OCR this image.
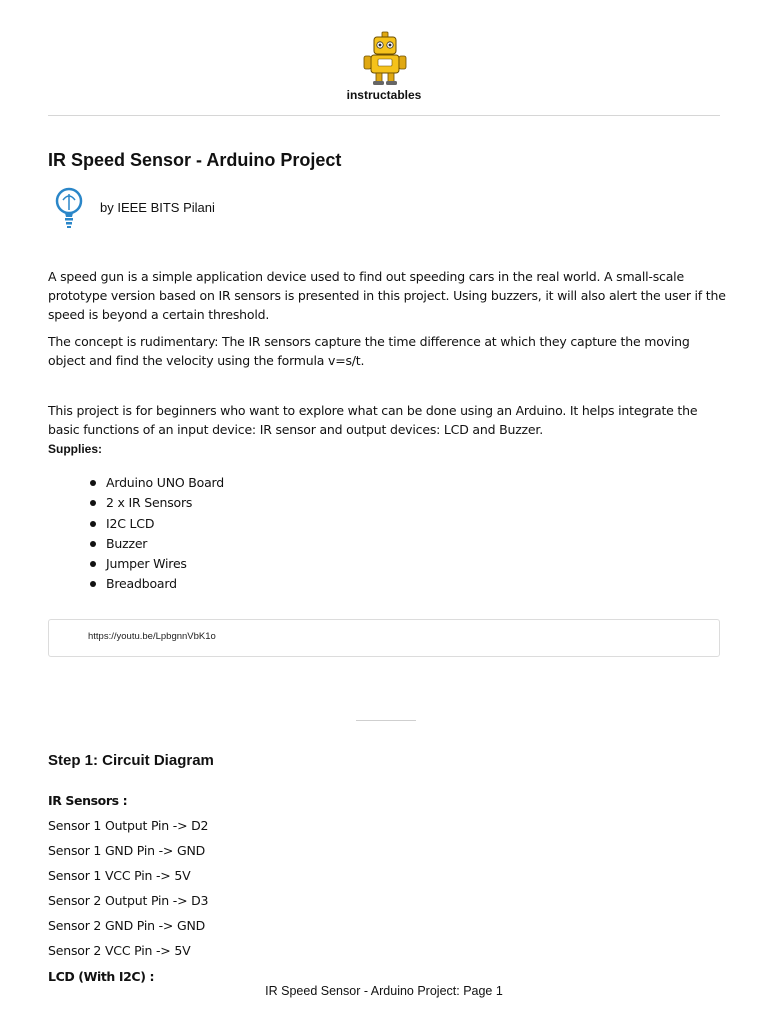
instructables
IR Speed Sensor - Arduino Project
by IEEE BITS Pilani

A speed gun is a simple application device used to find out speeding cars in the real world. A small-scale prototype version based on IR sensors is presented in this project. Using buzzers, it will also alert the user if the speed is beyond a certain threshold.

The concept is rudimentary: The IR sensors capture the time difference at which they capture the moving object and find the velocity using the formula v=s/t.

This project is for beginners who want to explore what can be done using an Arduino. It helps integrate the basic functions of an input device: IR sensor and output devices: LCD and Buzzer.

Supplies:
Arduino UNO Board
2 x IR Sensors
I2C LCD
Buzzer
Jumper Wires
Breadboard
https://youtu.be/LpbgnnVbK1o
Step 1: Circuit Diagram
IR Sensors :
Sensor 1 Output Pin -> D2
Sensor 1 GND Pin -> GND
Sensor 1 VCC Pin -> 5V
Sensor 2 Output Pin -> D3
Sensor 2 GND Pin -> GND
Sensor 2 VCC Pin -> 5V
LCD (With I2C) :
IR Speed Sensor - Arduino Project: Page 1
